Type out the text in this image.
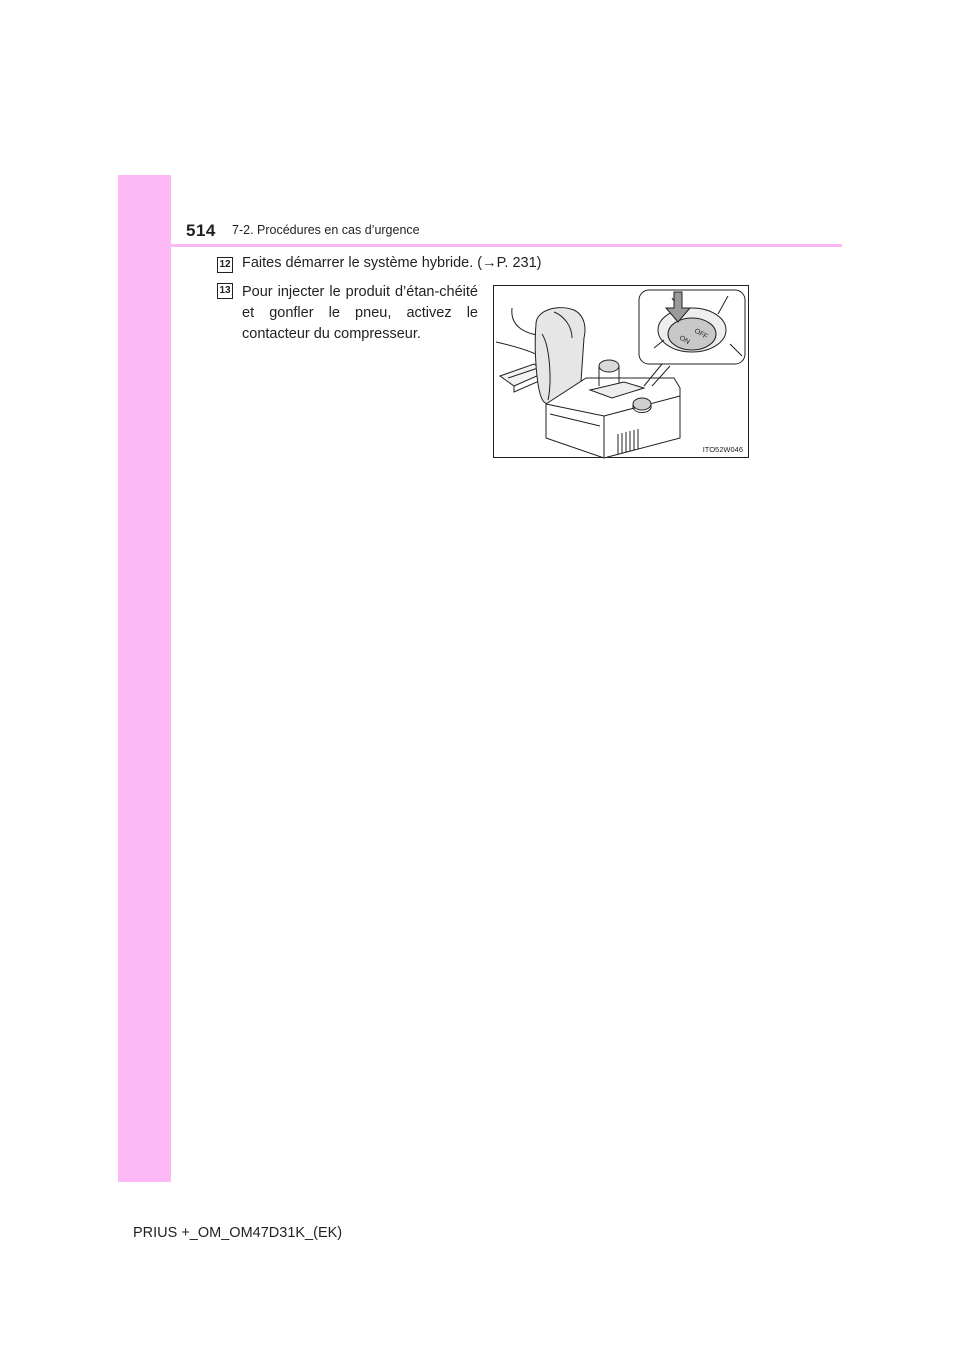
514 7-2. Procédures en cas d’urgence
12 Faites démarrer le système hybride. (→P. 231)
13 Pour injecter le produit d’étan-chéité et gonfler le pneu, activez le contacteur du compresseur.	ON OFF
ITO52W046
PRIUS +_OM_OM47D31K_(EK)
